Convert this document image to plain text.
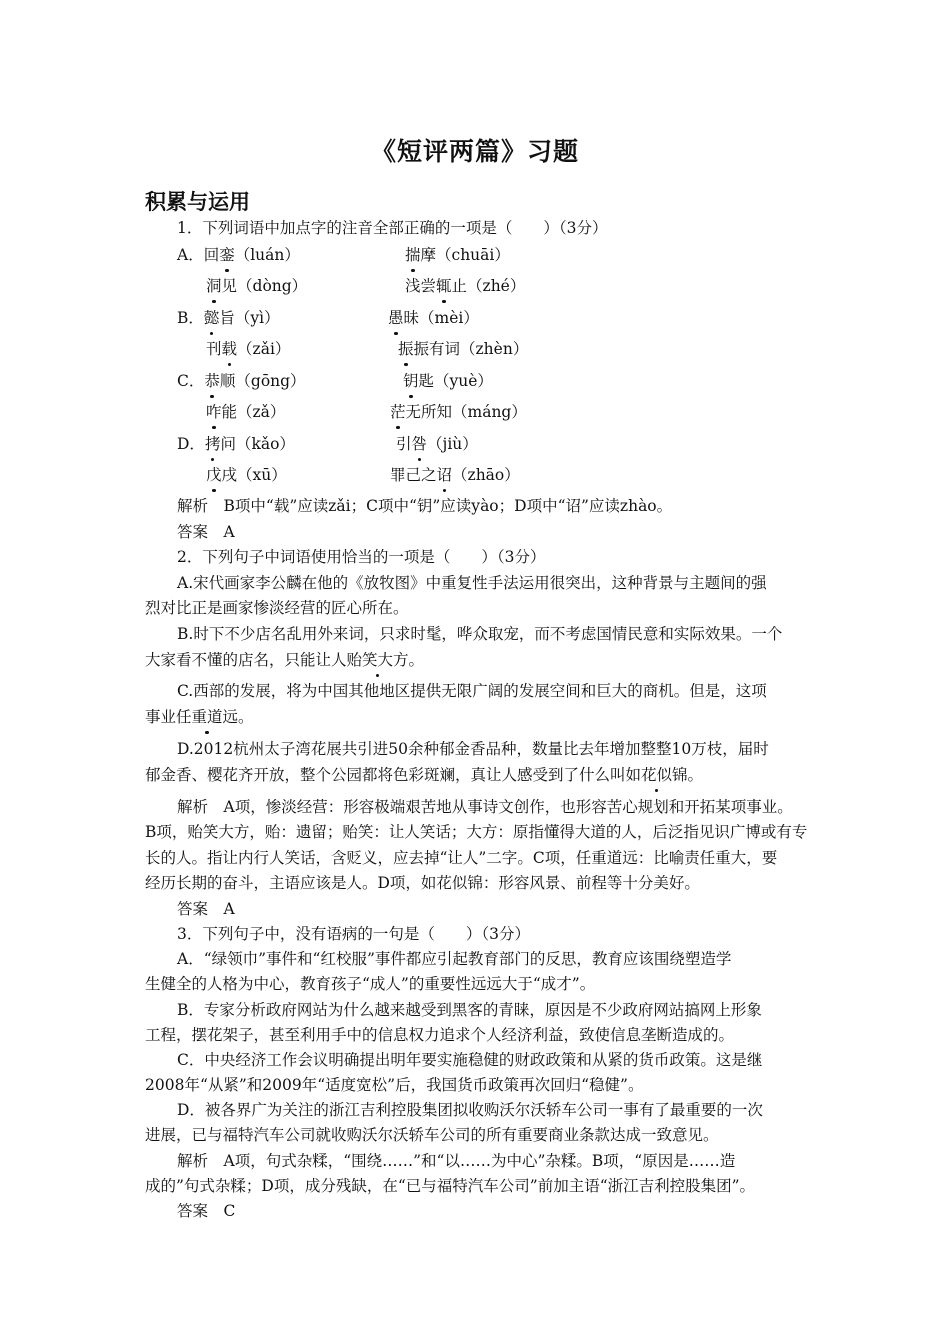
《短评两篇》习题
积累与运用
1．下列词语中加点字的注音全部正确的一项是（　　）（3分）
A．回銮（luán）	揣摩（chuāi）
洞见（dòng）	浅尝辄止（zhé）
B．懿旨（yì）	愚昧（mèi）
刊载（zǎi）	振振有词（zhèn）
C．恭顺（gōng）	钥匙（yuè）
咋能（zǎ）	茫无所知（máng）
D．拷问（kǎo）	引咎（jiù）
戊戌（xū）	罪己之诏（zhāo）
解析　B项中“载”应读zǎi；C项中“钥”应读yào；D项中“诏”应读zhào。
答案　A
2．下列句子中词语使用恰当的一项是（　　）（3分）
A.宋代画家李公麟在他的《放牧图》中重复性手法运用很突出，这种背景与主题间的强
烈对比正是画家惨淡经营的匠心所在。
B.时下不少店名乱用外来词，只求时髦，哗众取宠，而不考虑国情民意和实际效果。一个
大家看不懂的店名，只能让人贻笑大方。
C.西部的发展，将为中国其他地区提供无限广阔的发展空间和巨大的商机。但是，这项
事业任重道远。
D.2012杭州太子湾花展共引进50余种郁金香品种，数量比去年增加整整10万枝，届时
郁金香、樱花齐开放，整个公园都将色彩斑斓，真让人感受到了什么叫如花似锦。
解析　A项，惨淡经营：形容极端艰苦地从事诗文创作，也形容苦心规划和开拓某项事业。
B项，贻笑大方，贻：遗留；贻笑：让人笑话；大方：原指懂得大道的人，后泛指见识广博或有专
长的人。指让内行人笑话，含贬义，应去掉“让人”二字。C项，任重道远：比喻责任重大，要
经历长期的奋斗，主语应该是人。D项，如花似锦：形容风景、前程等十分美好。
答案　A
3．下列句子中，没有语病的一句是（　　）（3分）
A．“绿领巾”事件和“红校服”事件都应引起教育部门的反思，教育应该围绕塑造学
生健全的人格为中心，教育孩子“成人”的重要性远远大于“成才”。
B．专家分析政府网站为什么越来越受到黑客的青睐，原因是不少政府网站搞网上形象
工程，摆花架子，甚至利用手中的信息权力追求个人经济利益，致使信息垄断造成的。
C．中央经济工作会议明确提出明年要实施稳健的财政政策和从紧的货币政策。这是继
2008年“从紧”和2009年“适度宽松”后，我国货币政策再次回归“稳健”。
D．被各界广为关注的浙江吉利控股集团拟收购沃尔沃轿车公司一事有了最重要的一次
进展，已与福特汽车公司就收购沃尔沃轿车公司的所有重要商业条款达成一致意见。
解析　A项，句式杂糅，“围绕……”和“以……为中心”杂糅。B项，“原因是……造
成的”句式杂糅；D项，成分残缺，在“已与福特汽车公司”前加主语“浙江吉利控股集团”。
答案　C
